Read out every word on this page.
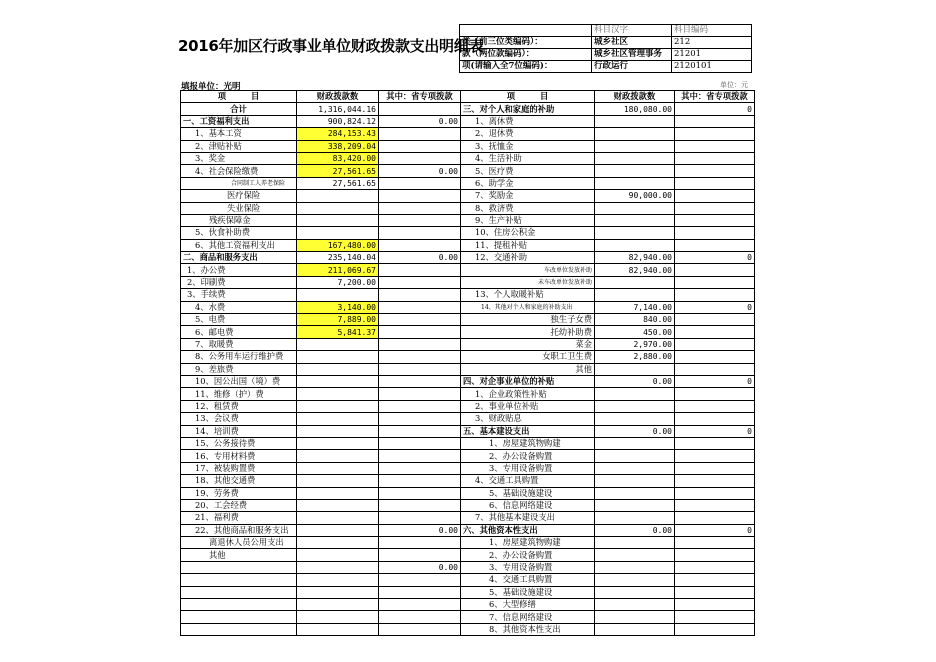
2016年加区行政事业单位财政拨款支出明细表
	科目汉字	科目编码
类（前三位类编码）：	城乡社区	212
款（两位款编码）：	城乡社区管理事务	21201
项(请输入全7位编码)：	行政运行	2120101
填报单位：光明	单位：元
项　　　目	财政拨款数	其中：省专项拨款	项　　　目	财政拨款数	其中：省专项拨款
合计	1,316,044.16		三、对个人和家庭的补助	180,080.00	0
一、工资福利支出	900,824.12	0.00	1、离休费		
1、基本工资	284,153.43		2、退休费		
2、津贴补贴	338,209.04		3、抚恤金		
3、奖金	83,420.00		4、生活补助		
4、社会保险缴费	27,561.65	0.00	5、医疗费		
合同制工人养老保险	27,561.65		6、助学金		
医疗保险			7、奖励金	90,000.00	
失业保险			8、救济费		
残疾保障金			9、生产补贴		
5、伙食补助费			10、住房公积金		
6、其他工资福利支出	167,480.00		11、提租补贴		
二、商品和服务支出	235,140.04	0.00	12、交通补助	82,940.00	0
1、办公费	211,069.67		车改单位发放补助	82,940.00	
2、印刷费	7,200.00		未车改单位发放补助		
3、手续费			13、个人取暖补贴		
4、水费	3,140.00		14、其他对个人和家庭的补助支出	7,140.00	0
5、电费	7,889.00		独生子女费	840.00	
6、邮电费	5,841.37		托幼补助费	450.00	
7、取暖费			菜金	2,970.00	
8、公务用车运行维护费			女职工卫生费	2,880.00	
9、差旅费			其他		
10、因公出国（境）费			四、对企事业单位的补贴	0.00	0
11、维修（护）费			1、企业政策性补贴		
12、租赁费			2、事业单位补贴		
13、会议费			3、财政贴息		
14、培训费			五、基本建设支出	0.00	0
15、公务接待费			1、房屋建筑物购建		
16、专用材料费			2、办公设备购置		
17、被装购置费			3、专用设备购置		
18、其他交通费			4、交通工具购置		
19、劳务费			5、基础设施建设		
20、工会经费			6、信息网络建设		
21、福利费			7、其他基本建设支出		
22、其他商品和服务支出		0.00	六、其他资本性支出	0.00	0
离退休人员公用支出			1、房屋建筑物购建		
其他			2、办公设备购置		
		0.00	3、专用设备购置		
			4、交通工具购置		
			5、基础设施建设		
			6、大型修缮		
			7、信息网络建设		
			8、其他资本性支出		
